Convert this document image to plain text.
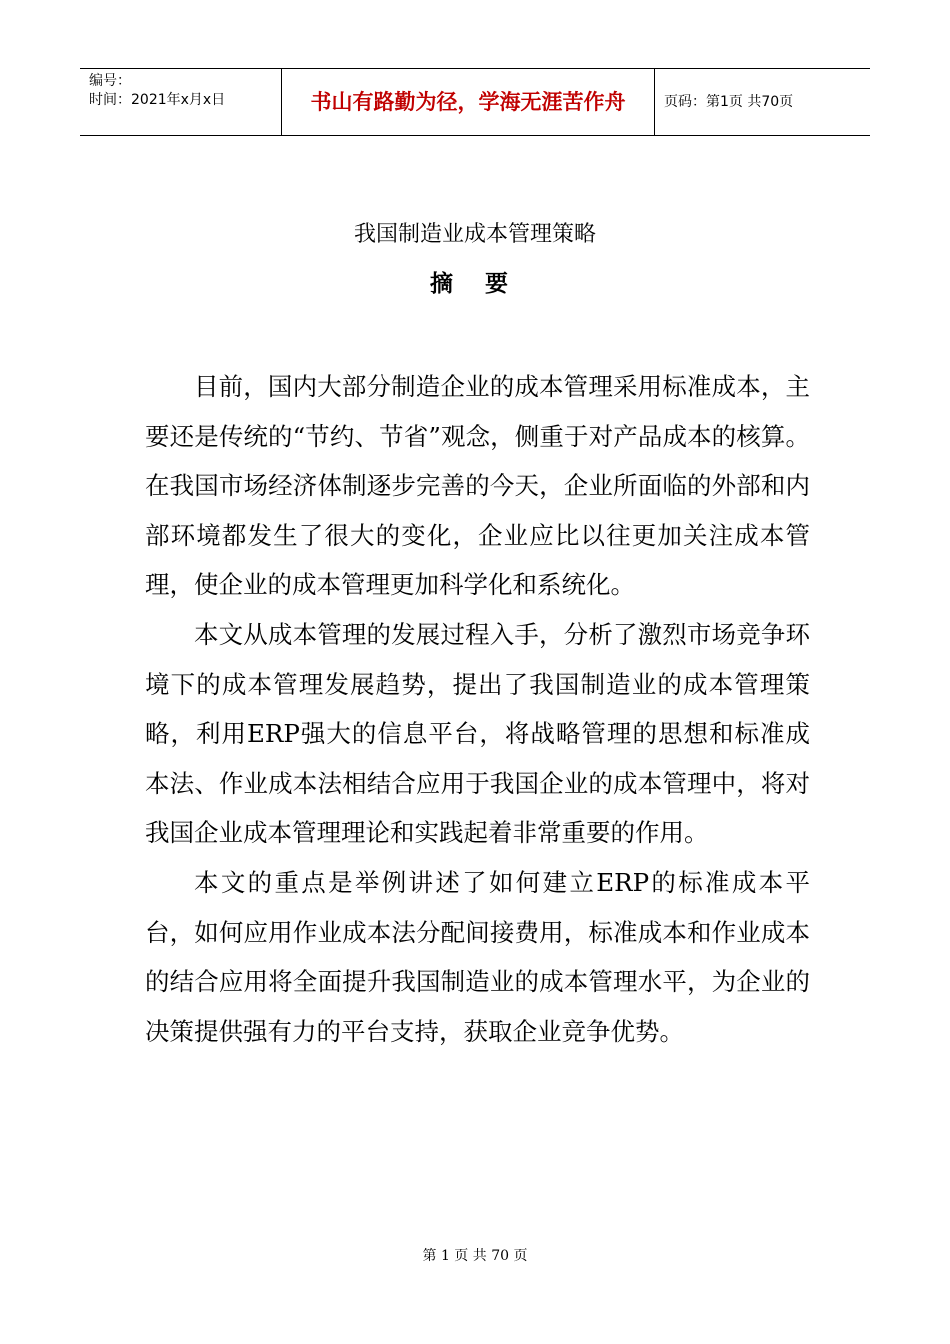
编号：
时间：2021年x月x日	书山有路勤为径，学海无涯苦作舟	页码：第1页 共70页
我国制造业成本管理策略
摘 要

目前，国内大部分制造企业的成本管理采用标准成本，主要还是传统的“节约、节省”观念，侧重于对产品成本的核算。在我国市场经济体制逐步完善的今天，企业所面临的外部和内部环境都发生了很大的变化，企业应比以往更加关注成本管理，使企业的成本管理更加科学化和系统化。

本文从成本管理的发展过程入手，分析了激烈市场竞争环境下的成本管理发展趋势，提出了我国制造业的成本管理策略，利用ERP强大的信息平台，将战略管理的思想和标准成本法、作业成本法相结合应用于我国企业的成本管理中，将对我国企业成本管理理论和实践起着非常重要的作用。

本文的重点是举例讲述了如何建立ERP的标准成本平台，如何应用作业成本法分配间接费用，标准成本和作业成本的结合应用将全面提升我国制造业的成本管理水平，为企业的决策提供强有力的平台支持，获取企业竞争优势。

第 1 页 共 70 页
